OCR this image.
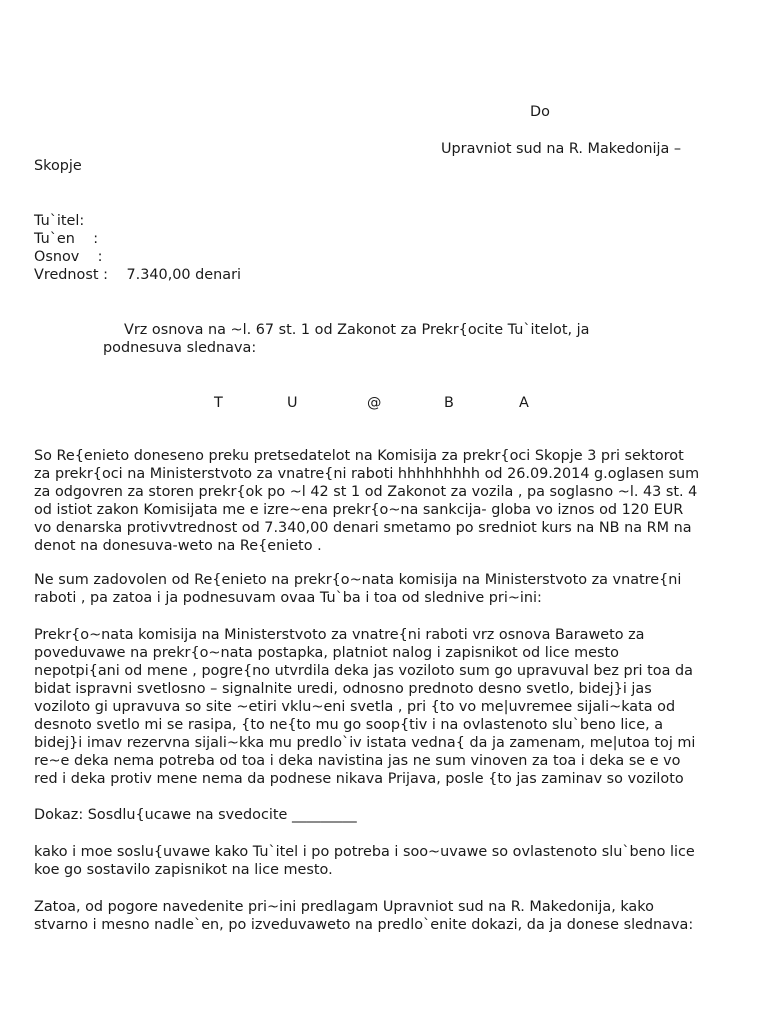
Do
Upravniot sud na R. Makedonija –
Skopje
Tu`itel:
Tu`en    :
Osnov    :
Vrednost : 7.340,00 denari
Vrz osnova na ~l. 67 st. 1 od Zakonot za Prekr{ocite Tu`itelot, ja
podnesuva slednava:
T	U	@	B	A
So Re{enieto doneseno preku pretsedatelot na Komisija za prekr{oci Skopje 3 pri sektorot
za prekr{oci na Ministerstvoto za vnatre{ni raboti hhhhhhhhh od 26.09.2014 g.oglasen sum
za odgovren za storen prekr{ok po ~l 42 st 1 od Zakonot za vozila , pa soglasno ~l. 43 st. 4
od istiot zakon Komisijata me e izre~ena prekr{o~na sankcija- globa vo iznos od 120 EUR
vo denarska protivvtrednost od 7.340,00 denari smetamo po sredniot kurs na NB na RM na
denot na donesuva-weto na Re{enieto .
Ne sum zadovolen od Re{enieto na prekr{o~nata komisija na Ministerstvoto za vnatre{ni
raboti , pa zatoa i ja podnesuvam ovaa Tu`ba i toa od slednive pri~ini:
Prekr{o~nata komisija na Ministerstvoto za vnatre{ni raboti vrz osnova Baraweto za
poveduvawe na prekr{o~nata postapka, platniot nalog i zapisnikot od lice mesto
nepotpi{ani od mene , pogre{no utvrdila deka jas voziloto sum go upravuval bez pri toa da
bidat ispravni svetlosno – signalnite uredi, odnosno prednoto desno svetlo, bidej}i jas
voziloto gi upravuva so site ~etiri vklu~eni svetla , pri {to vo me|uvremee sijali~kata od
desnoto svetlo mi se rasipa, {to ne{to mu go soop{tiv i na ovlastenoto slu`beno lice, a
bidej}i imav rezervna sijali~kka mu predlo`iv istata vedna{ da ja zamenam, me|utoa toj mi
re~e deka nema potreba od toa i deka navistina jas ne sum vinoven za toa i deka se e vo
red i deka protiv mene nema da podnese nikava Prijava, posle {to jas zaminav so voziloto
Dokaz: Sosdlu{ucawe na svedocite _________
kako i moe soslu{uvawe kako Tu`itel i po potreba i soo~uvawe so ovlastenoto slu`beno lice
koe go sostavilo zapisnikot na lice mesto.
Zatoa, od pogore navedenite pri~ini predlagam Upravniot sud na R. Makedonija, kako
stvarno i mesno nadle`en, po izveduvaweto na predlo`enite dokazi, da ja donese slednava:
